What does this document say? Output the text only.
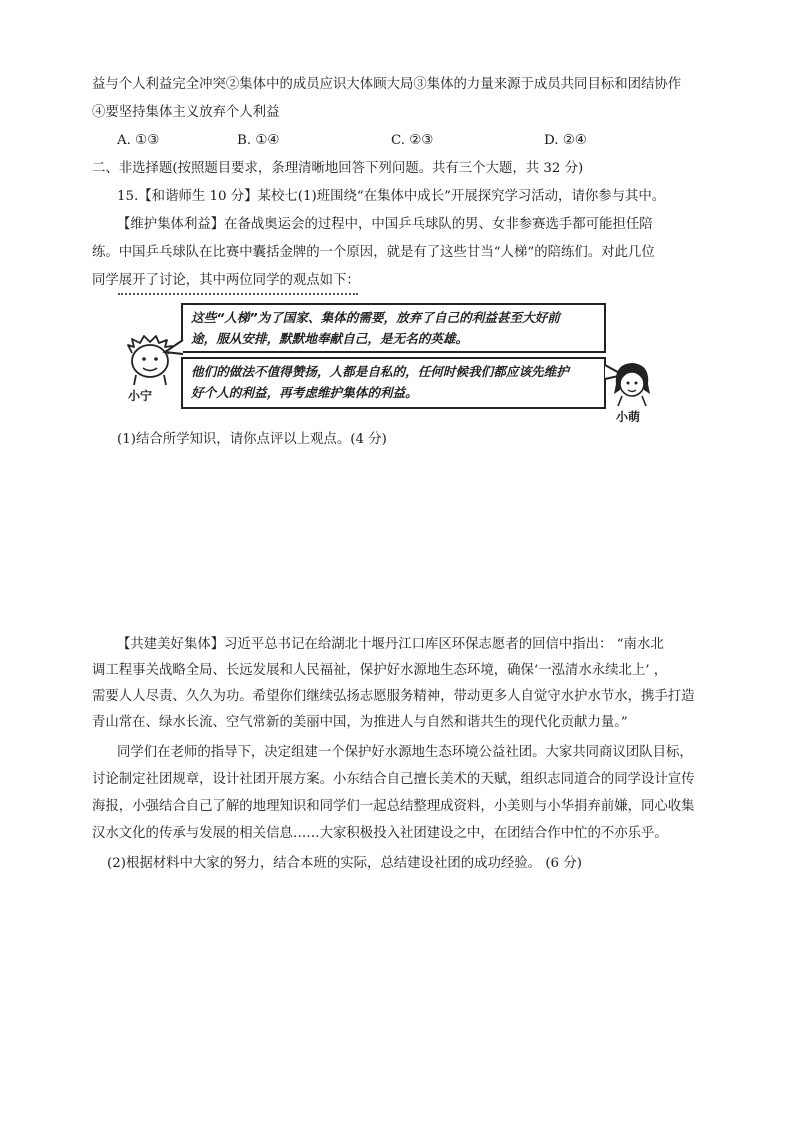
益与个人利益完全冲突②集体中的成员应识大体顾大局③集体的力量来源于成员共同目标和团结协作
④要坚持集体主义放弃个人利益
A. ①③	B. ①④	C. ②③	D. ②④
二、非选择题(按照题目要求，条理清晰地回答下列问题。共有三个大题，共 32 分)
15.【和谐师生 10 分】某校七(1)班围绕“在集体中成长”开展探究学习活动，请你参与其中。
【维护集体利益】在备战奥运会的过程中，中国乒乓球队的男、女非参赛选手都可能担任陪
练。中国乒乓球队在比赛中囊括金牌的一个原因，就是有了这些甘当“人梯”的陪练们。对此几位
同学展开了讨论，其中两位同学的观点如下：
小宁
这些“人梯”为了国家、集体的需要，放弃了自己的利益甚至大好前
途，服从安排，默默地奉献自己，是无名的英雄。
他们的做法不值得赞扬，人都是自私的，任何时候我们都应该先维护
好个人的利益，再考虑维护集体的利益。
小萌
(1)结合所学知识，请你点评以上观点。(4 分)
【共建美好集体】习近平总书记在给湖北十堰丹江口库区环保志愿者的回信中指出： “南水北
调工程事关战略全局、长远发展和人民福祉，保护好水源地生态环境，确保‘一泓清水永续北上’ ，
需要人人尽责、久久为功。希望你们继续弘扬志愿服务精神，带动更多人自觉守水护水节水，携手打造
青山常在、绿水长流、空气常新的美丽中国，为推进人与自然和谐共生的现代化贡献力量。”
同学们在老师的指导下，决定组建一个保护好水源地生态环境公益社团。大家共同商议团队目标，
讨论制定社团规章，设计社团开展方案。小东结合自己擅长美术的天赋，组织志同道合的同学设计宣传
海报，小强结合自己了解的地理知识和同学们一起总结整理成资料，小美则与小华捐弃前嫌，同心收集
汉水文化的传承与发展的相关信息……大家积极投入社团建设之中，在团结合作中忙的不亦乐乎。
(2)根据材料中大家的努力，结合本班的实际，总结建设社团的成功经验。 (6 分)
